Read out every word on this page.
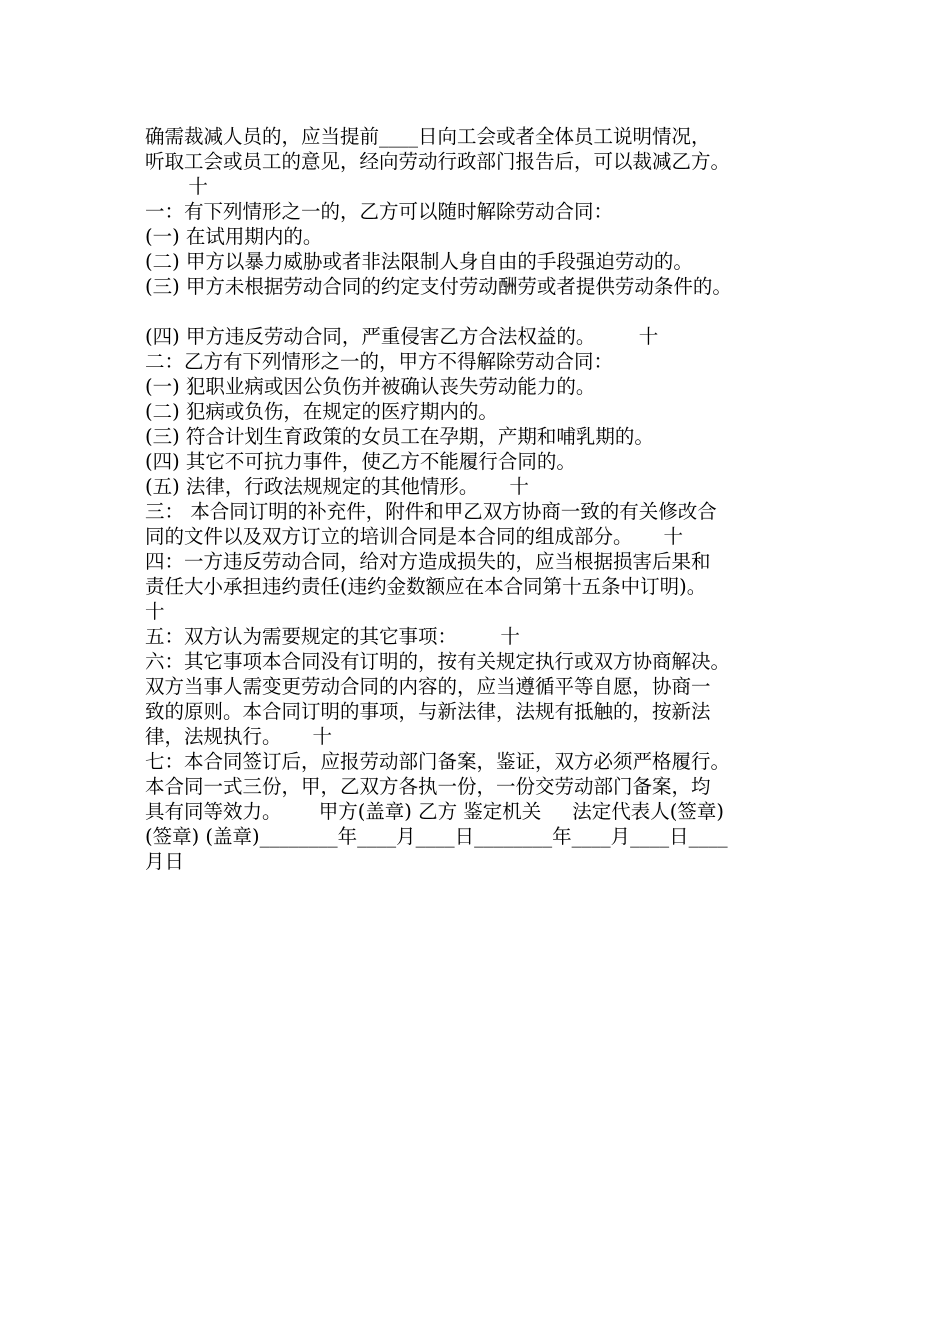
确需裁减人员的，应当提前____日向工会或者全体员工说明情况，
听取工会或员工的意见，经向劳动行政部门报告后，可以裁减乙方。
十
一：有下列情形之一的，乙方可以随时解除劳动合同：
(一) 在试用期内的。
(二) 甲方以暴力威胁或者非法限制人身自由的手段强迫劳动的。
(三) 甲方未根据劳动合同的约定支付劳动酬劳或者提供劳动条件的。
(四) 甲方违反劳动合同，严重侵害乙方合法权益的。       十
二：乙方有下列情形之一的，甲方不得解除劳动合同：
(一) 犯职业病或因公负伤并被确认丧失劳动能力的。
(二) 犯病或负伤，在规定的医疗期内的。
(三) 符合计划生育政策的女员工在孕期，产期和哺乳期的。
(四) 其它不可抗力事件，使乙方不能履行合同的。
(五) 法律，行政法规规定的其他情形。     十
三： 本合同订明的补充件，附件和甲乙双方协商一致的有关修改合
同的文件以及双方订立的培训合同是本合同的组成部分。     十
四：一方违反劳动合同，给对方造成损失的，应当根据损害后果和
责任大小承担违约责任(违约金数额应在本合同第十五条中订明)。
十
五：双方认为需要规定的其它事项：       十
六：其它事项本合同没有订明的，按有关规定执行或双方协商解决。
双方当事人需变更劳动合同的内容的，应当遵循平等自愿，协商一
致的原则。本合同订明的事项，与新法律，法规有抵触的，按新法
律，法规执行。     十
七：本合同签订后，应报劳动部门备案，鉴证，双方必须严格履行。
本合同一式三份，甲，乙双方各执一份，一份交劳动部门备案，均
具有同等效力。      甲方(盖章) 乙方 鉴定机关     法定代表人(签章)
(签章) (盖章)________年____月____日________年____月____日____
月日
